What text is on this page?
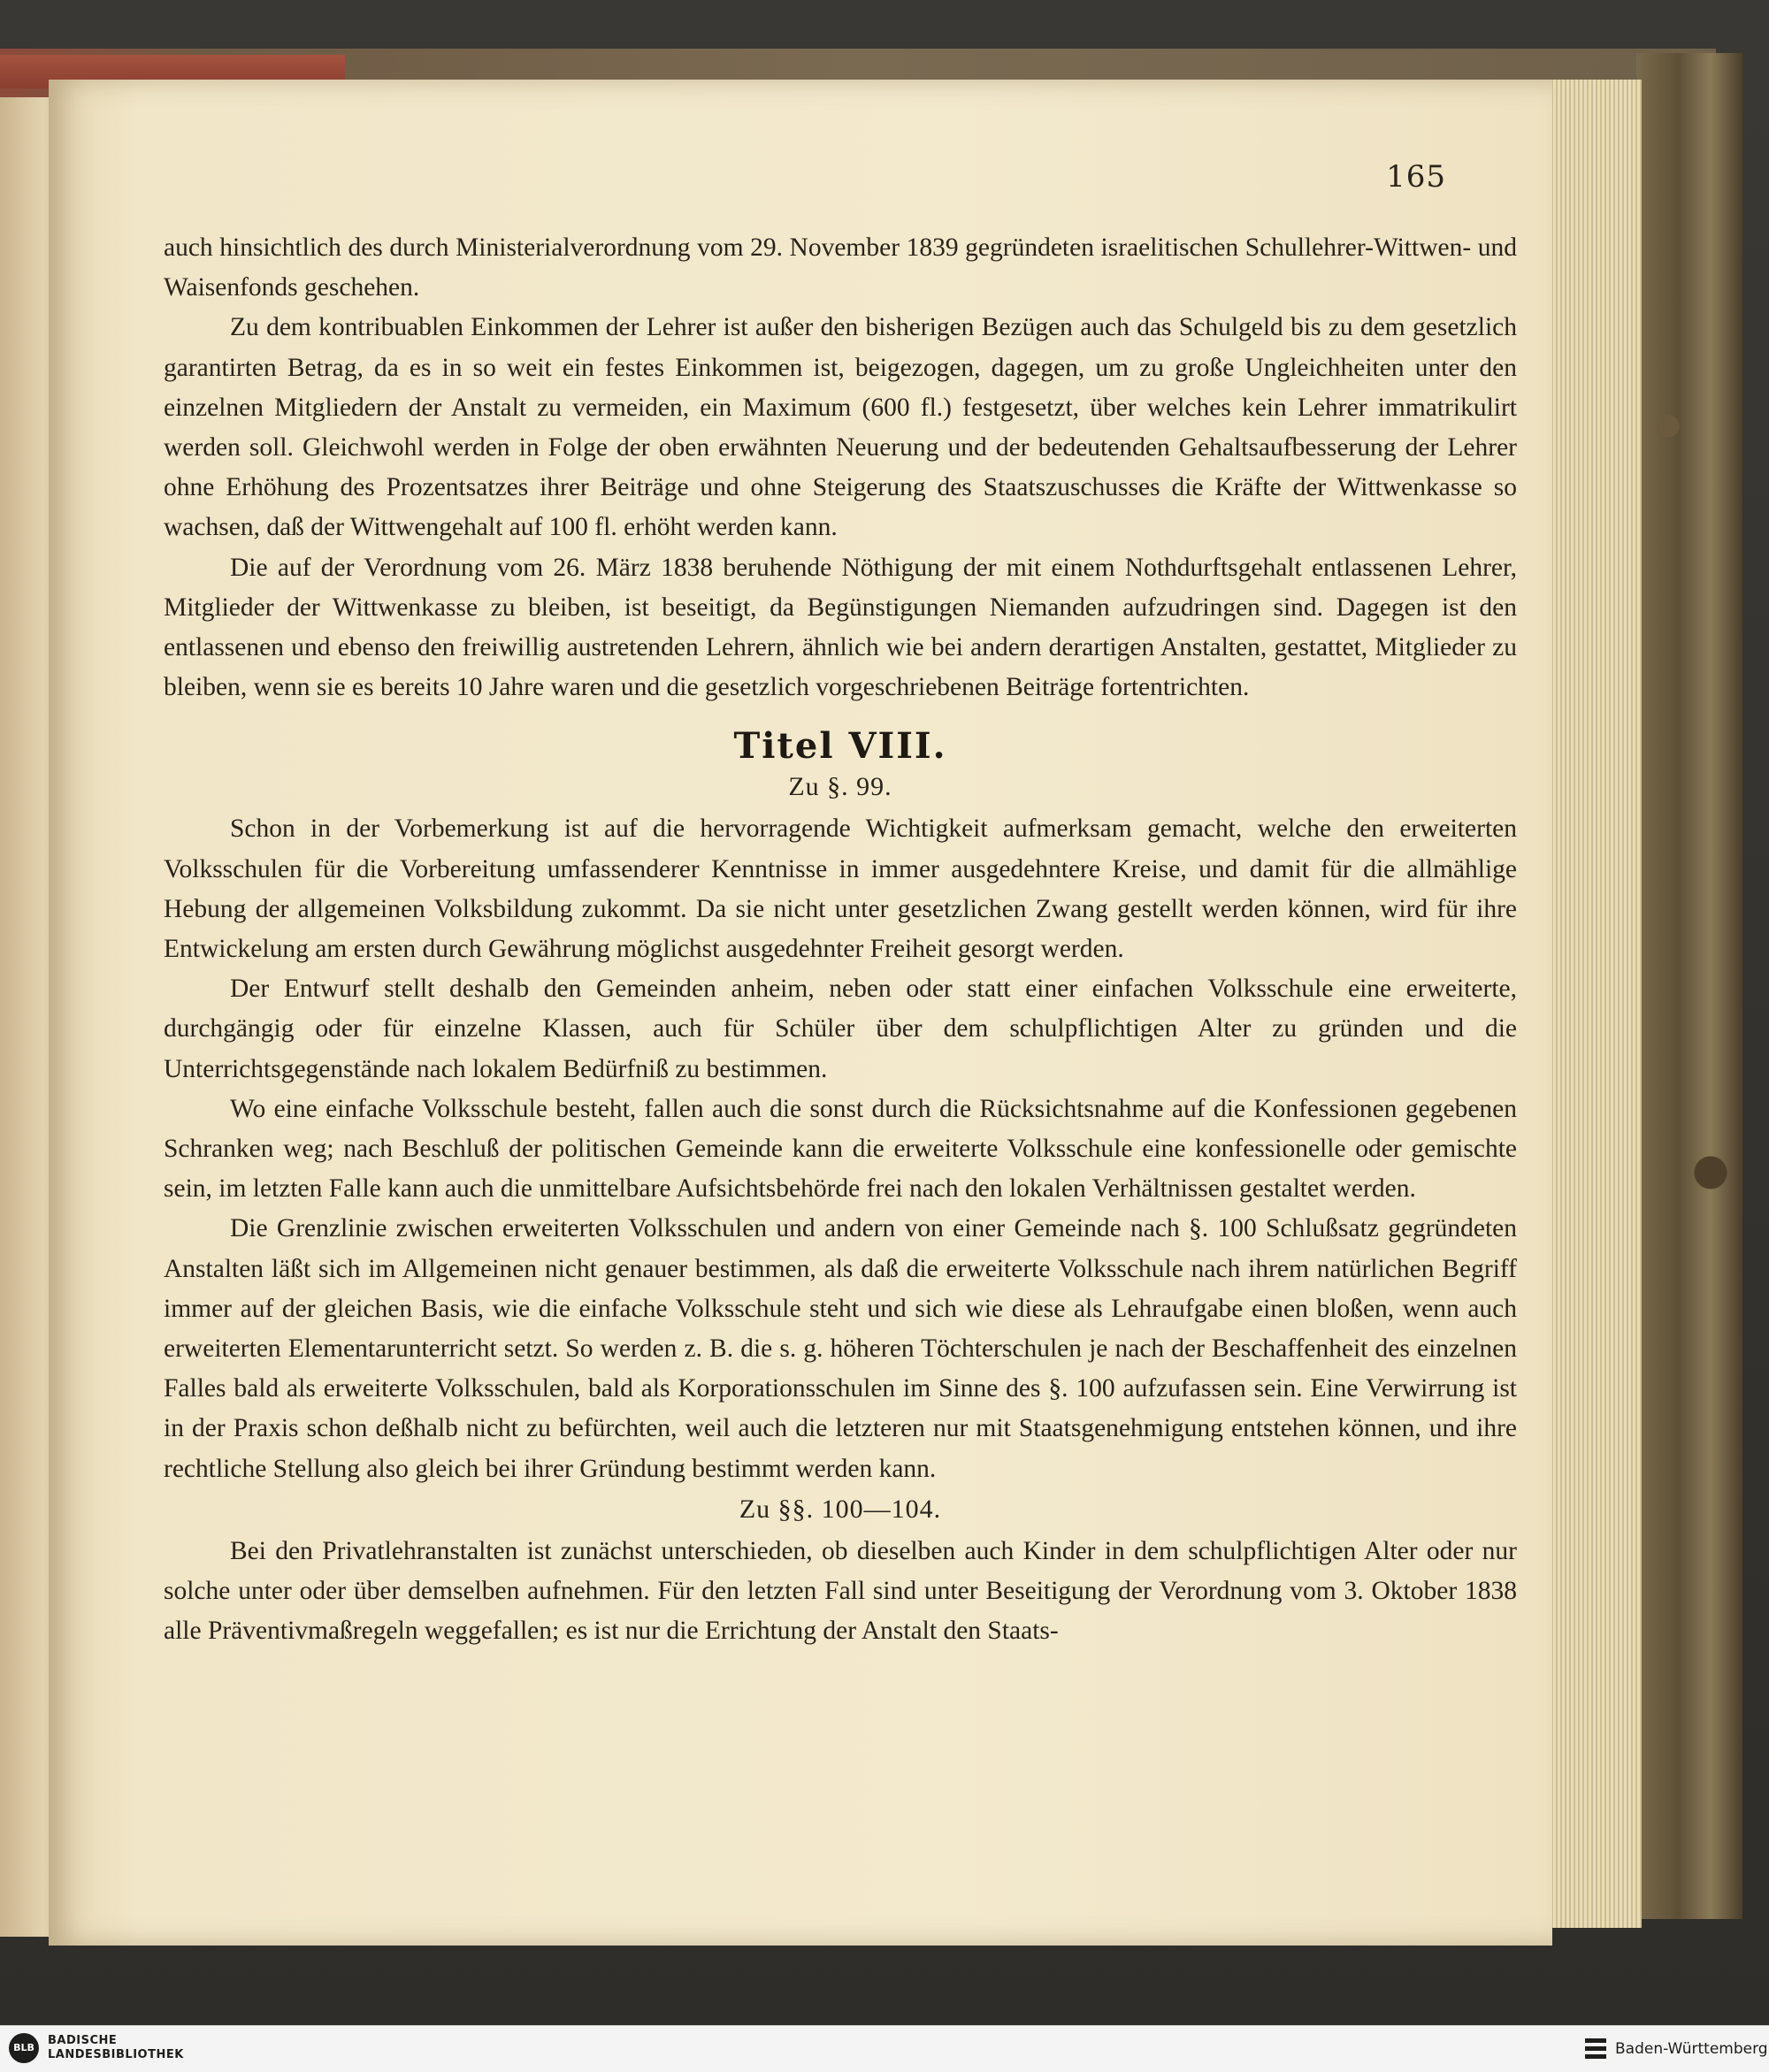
165

auch hinsichtlich des durch Ministerialverordnung vom 29. November 1839 gegründeten israelitischen Schullehrer-Wittwen- und Waisenfonds geschehen.

Zu dem kontribuablen Einkommen der Lehrer ist außer den bisherigen Bezügen auch das Schulgeld bis zu dem gesetzlich garantirten Betrag, da es in so weit ein festes Einkommen ist, beigezogen, dagegen, um zu große Ungleichheiten unter den einzelnen Mitgliedern der Anstalt zu vermeiden, ein Maximum (600 fl.) festgesetzt, über welches kein Lehrer immatrikulirt werden soll. Gleichwohl werden in Folge der oben erwähnten Neuerung und der bedeutenden Gehaltsaufbesserung der Lehrer ohne Erhöhung des Prozentsatzes ihrer Beiträge und ohne Steigerung des Staatszuschusses die Kräfte der Wittwenkasse so wachsen, daß der Wittwengehalt auf 100 fl. erhöht werden kann.

Die auf der Verordnung vom 26. März 1838 beruhende Nöthigung der mit einem Nothdurftsgehalt entlassenen Lehrer, Mitglieder der Wittwenkasse zu bleiben, ist beseitigt, da Begünstigungen Niemanden aufzudringen sind. Dagegen ist den entlassenen und ebenso den freiwillig austretenden Lehrern, ähnlich wie bei andern derartigen Anstalten, gestattet, Mitglieder zu bleiben, wenn sie es bereits 10 Jahre waren und die gesetzlich vorgeschriebenen Beiträge fortentrichten.

Titel VIII.
Zu §. 99.

Schon in der Vorbemerkung ist auf die hervorragende Wichtigkeit aufmerksam gemacht, welche den erweiterten Volksschulen für die Vorbereitung umfassenderer Kenntnisse in immer ausgedehntere Kreise, und damit für die allmählige Hebung der allgemeinen Volksbildung zukommt. Da sie nicht unter gesetzlichen Zwang gestellt werden können, wird für ihre Entwickelung am ersten durch Gewährung möglichst ausgedehnter Freiheit gesorgt werden.

Der Entwurf stellt deshalb den Gemeinden anheim, neben oder statt einer einfachen Volksschule eine erweiterte, durchgängig oder für einzelne Klassen, auch für Schüler über dem schulpflichtigen Alter zu gründen und die Unterrichtsgegenstände nach lokalem Bedürfniß zu bestimmen.

Wo eine einfache Volksschule besteht, fallen auch die sonst durch die Rücksichtsnahme auf die Konfessionen gegebenen Schranken weg; nach Beschluß der politischen Gemeinde kann die erweiterte Volksschule eine konfessionelle oder gemischte sein, im letzten Falle kann auch die unmittelbare Aufsichtsbehörde frei nach den lokalen Verhältnissen gestaltet werden.

Die Grenzlinie zwischen erweiterten Volksschulen und andern von einer Gemeinde nach §. 100 Schlußsatz gegründeten Anstalten läßt sich im Allgemeinen nicht genauer bestimmen, als daß die erweiterte Volksschule nach ihrem natürlichen Begriff immer auf der gleichen Basis, wie die einfache Volksschule steht und sich wie diese als Lehraufgabe einen bloßen, wenn auch erweiterten Elementarunterricht setzt. So werden z. B. die s. g. höheren Töchterschulen je nach der Beschaffenheit des einzelnen Falles bald als erweiterte Volksschulen, bald als Korporationsschulen im Sinne des §. 100 aufzufassen sein. Eine Verwirrung ist in der Praxis schon deßhalb nicht zu befürchten, weil auch die letzteren nur mit Staatsgenehmigung entstehen können, und ihre rechtliche Stellung also gleich bei ihrer Gründung bestimmt werden kann.

Zu §§. 100—104.

Bei den Privatlehranstalten ist zunächst unterschieden, ob dieselben auch Kinder in dem schulpflichtigen Alter oder nur solche unter oder über demselben aufnehmen. Für den letzten Fall sind unter Beseitigung der Verordnung vom 3. Oktober 1838 alle Präventivmaßregeln weggefallen; es ist nur die Errichtung der Anstalt den Staats-

BLB
BADISCHE
LANDESBIBLIOTHEK	Baden-Württemberg
